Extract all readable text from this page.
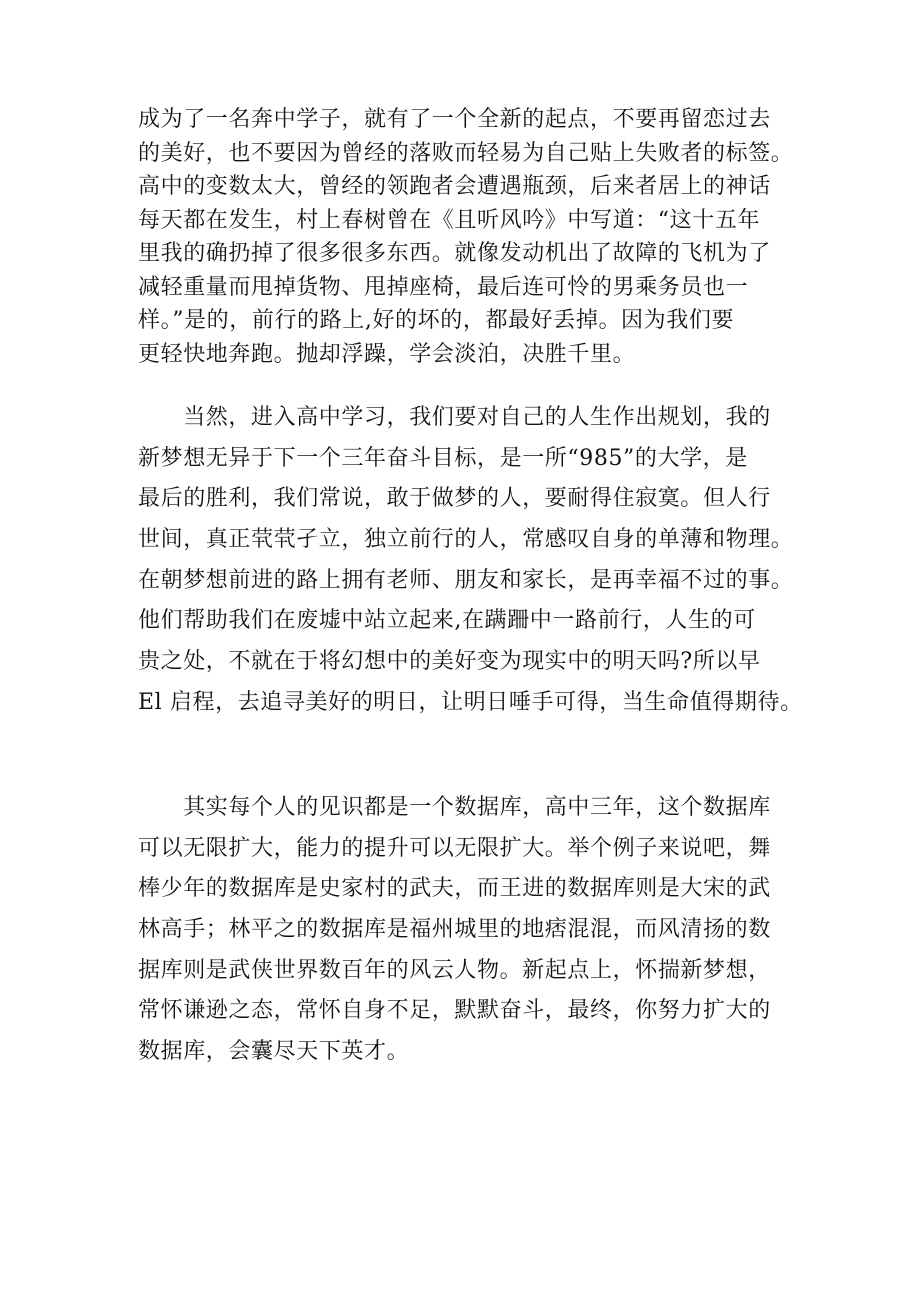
成为了一名奔中学子，就有了一个全新的起点，不要再留恋过去
的美好，也不要因为曾经的落败而轻易为自己贴上失败者的标签。
高中的变数太大，曾经的领跑者会遭遇瓶颈，后来者居上的神话
每天都在发生，村上春树曾在《且听风吟》中写道：“这十五年
里我的确扔掉了很多很多东西。就像发动机出了故障的飞机为了
减轻重量而甩掉货物、甩掉座椅，最后连可怜的男乘务员也一
样。”是的，前行的路上,好的坏的，都最好丢掉。因为我们要
更轻快地奔跑。抛却浮躁，学会淡泊，决胜千里。
　　当然，进入高中学习，我们要对自己的人生作出规划，我的
新梦想无异于下一个三年奋斗目标，是一所“985”的大学，是
最后的胜利，我们常说，敢于做梦的人，要耐得住寂寞。但人行
世间，真正茕茕孑立，独立前行的人，常感叹自身的单薄和物理。
在朝梦想前进的路上拥有老师、朋友和家长，是再幸福不过的事。
他们帮助我们在废墟中站立起来,在蹒跚中一路前行，人生的可
贵之处，不就在于将幻想中的美好变为现实中的明天吗?所以早
El 启程，去追寻美好的明日，让明日唾手可得，当生命值得期待。
　　其实每个人的见识都是一个数据库，高中三年，这个数据库
可以无限扩大，能力的提升可以无限扩大。举个例子来说吧，舞
棒少年的数据库是史家村的武夫，而王进的数据库则是大宋的武
林高手；林平之的数据库是福州城里的地痞混混，而风清扬的数
据库则是武侠世界数百年的风云人物。新起点上，怀揣新梦想，
常怀谦逊之态，常怀自身不足，默默奋斗，最终，你努力扩大的
数据库，会囊尽天下英才。
